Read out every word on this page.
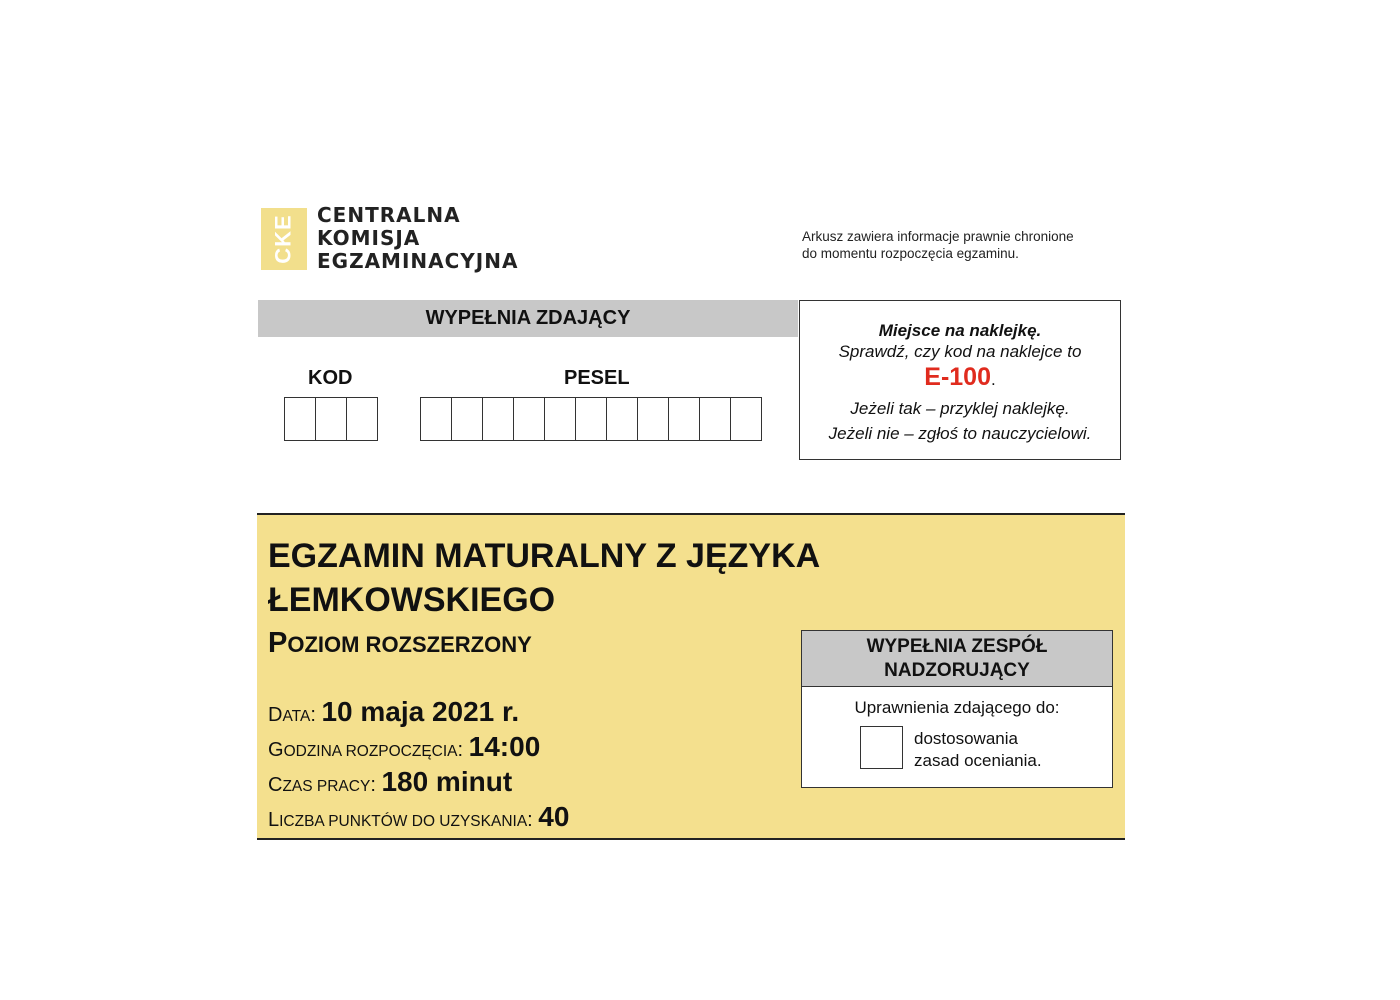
CKE CENTRALNA
KOMISJA
EGZAMINACYJNA
Arkusz zawiera informacje prawnie chronione
do momentu rozpoczęcia egzaminu.
WYPEŁNIA ZDAJĄCY
KOD	PESEL
Miejsce na naklejkę.
Sprawdź, czy kod na naklejce to
E-100.
Jeżeli tak – przyklej naklejkę.
Jeżeli nie – zgłoś to nauczycielowi.
EGZAMIN MATURALNY Z JĘZYKA
ŁEMKOWSKIEGO
POZIOM ROZSZERZONY
DATA: 10 maja 2021 r.
GODZINA ROZPOCZĘCIA: 14:00
CZAS PRACY: 180 minut
LICZBA PUNKTÓW DO UZYSKANIA: 40
WYPEŁNIA ZESPÓŁ
NADZORUJĄCY
Uprawnienia zdającego do:
dostosowania
zasad oceniania.
